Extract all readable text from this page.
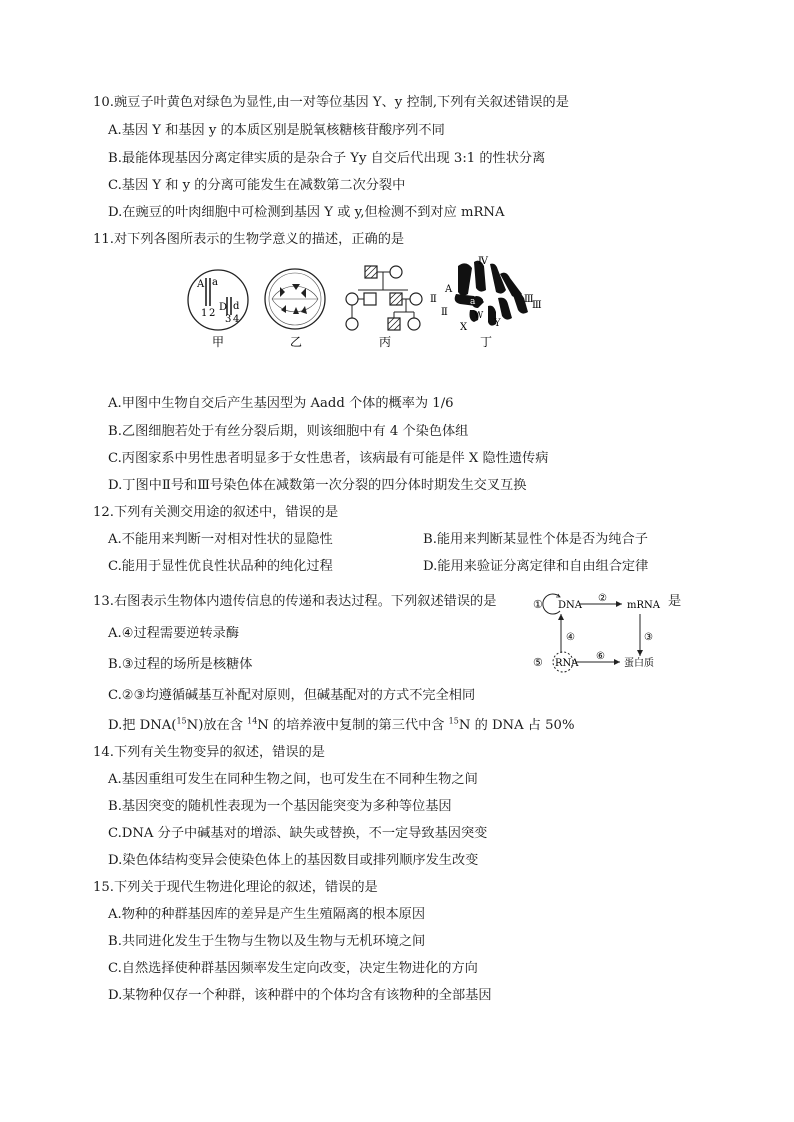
10.豌豆子叶黄色对绿色为显性,由一对等位基因 Y、y 控制,下列有关叙述错误的是
A.基因 Y 和基因 y 的本质区别是脱氧核糖核苷酸序列不同
B.最能体现基因分离定律实质的是杂合子 Yy 自交后代出现 3:1 的性状分离
C.基因 Y 和 y 的分离可能发生在减数第二次分裂中
D.在豌豆的叶肉细胞中可检测到基因 Y 或 y,但检测不到对应 mRNA
11.对下列各图所表示的生物学意义的描述，正确的是
A a
D d
1 2
3 4
Ⅳ
Ⅱ
Ⅱ
Ⅲ
Ⅲ
A
a
W
X	Y
甲	乙	丙	丁
A.甲图中生物自交后产生基因型为 Aadd 个体的概率为 1/6
B.乙图细胞若处于有丝分裂后期，则该细胞中有 4 个染色体组
C.丙图家系中男性患者明显多于女性患者，该病最有可能是伴 X 隐性遗传病
D.丁图中Ⅱ号和Ⅲ号染色体在减数第一次分裂的四分体时期发生交叉互换
12.下列有关测交用途的叙述中，错误的是
A.不能用来判断一对相对性状的显隐性	B.能用来判断某显性个体是否为纯合子
C.能用于显性优良性状品种的纯化过程	D.能用来验证分离定律和自由组合定律
13.右图表示生物体内遗传信息的传递和表达过程。下列叙述错误的是	是
① DNA
②
mRNA
③
④
⑤ RNA
⑥
蛋白质
A.④过程需要逆转录酶
B.③过程的场所是核糖体
C.②③均遵循碱基互补配对原则，但碱基配对的方式不完全相同
D.把 DNA($^{15}$N)放在含 $^{14}$N 的培养液中复制的第三代中含 $^{15}$N 的 DNA 占 50%
14.下列有关生物变异的叙述，错误的是
A.基因重组可发生在同种生物之间，也可发生在不同种生物之间
B.基因突变的随机性表现为一个基因能突变为多种等位基因
C.DNA 分子中碱基对的增添、缺失或替换，不一定导致基因突变
D.染色体结构变异会使染色体上的基因数目或排列顺序发生改变
15.下列关于现代生物进化理论的叙述，错误的是
A.物种的种群基因库的差异是产生生殖隔离的根本原因
B.共同进化发生于生物与生物以及生物与无机环境之间
C.自然选择使种群基因频率发生定向改变，决定生物进化的方向
D.某物种仅存一个种群，该种群中的个体均含有该物种的全部基因
